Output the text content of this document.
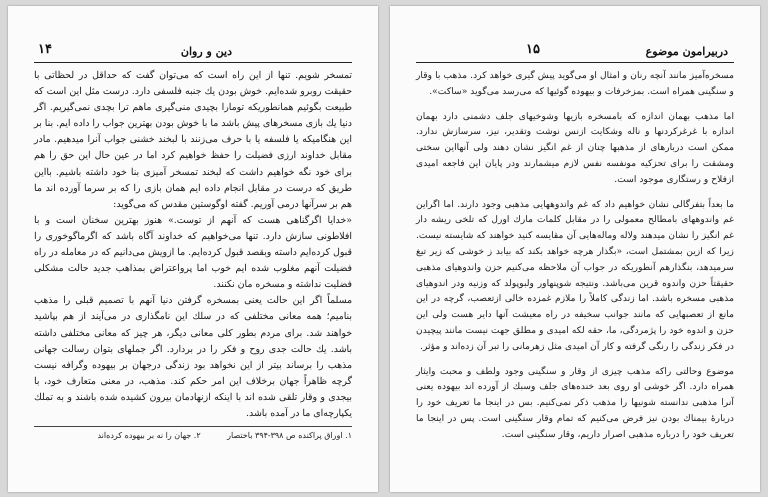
دین و روان
۱۴

تمسخر شویم. تنها از این راه است که می‌توان گفت که حداقل در لحظاتی با حقیقت روبرو شده‌ایم. خوش بودن یك جنبه فلسفی دارد. درست مثل این است که طبیعت بگوئیم همانطوریکه تومارا بچیدی منی‌گیری ماهم ترا بچدی نمی‌گیریم. اگر دنیا یك بازی مسخرهای پیش باشد ما با خوش بودن بهترین جواب را داده ایم. بنا بر این هنگامیکه یا فلسفه یا با حرف می‌زنند با لبخند خشنی جواب آنرا میدهیم. مادر مقابل خداوند ارزی فضیلت را حفظ خواهیم کرد اما در عین حال این حق را هم برای خود نگه خواهیم داشت که لبخند تمسخر آمیزی بنا خود داشته باشیم. بااین طریق که درست در مقابل انجام داده ایم همان بازی را که بر سرما آورده اند ما هم بر سرآنها درمی آوریم. گفته اوگوستین مقدس که می‌گوید:

«خدایا اگرگناهی هست که آنهم از توست.» هنوز بهترین سخنان است و با افلاطونی سازش دارد. تنها می‌خواهیم که خداوند آگاه باشد که اگرماگوخوری را قبول کرده‌ایم داسته وبقصد قبول کرده‌ایم. ما ازویش می‌دانیم که در معامله در راه فضیلت آنهم مغلوب شده ایم خوب اما پرواعتراض بمذاهب جدید حالت مشکلی فضلیت نداشته و مسخره مان نکنند.

مسلماً اگر این حالت یعنی بمسخره گرفتن دنیا آنهم با تصمیم قبلی را مذهب بنامیم؛ همه معانی مختلفی که در سلك این نامگذاری در می‌آیند از هم بپاشید خواهند شد. برای مردم بطور کلی معانی دیگر، هر چیز که معانی مختلفی داشته باشد. یك حالت جدی روح و فکر را در بردارد. اگر جملهای بتوان رسالت جهانی مذهب را برساند بیتر از این نخواهد بود زندگی درجهان بر بیهوده وگرافه نیست گرچه ظاهراً جهان برخلاف این امر حکم کند. مذهب، در معنی متعارف خود، با بیجدی و وقار تلقی شده اند با اینکه ازنهادمان بیرون کشیده شده باشند و به تملك یکپارچه‌ای ما در آمده باشد.

۱. اوراق پراکنده ص ۳۹۸-۳۹۴ باختصار ۲. جهان را نه بر بیهوده کرده‌اند
دربیرامون موضوع
۱۵

مسخره‌آمیز مانند آنچه رنان و امثال او می‌گوید پیش گیری خواهد کرد. مذهب با وقار و سنگینی همراه است. بمزخرفات و بیهوده گوئیها که می‌رسد می‌گوید «ساکت».

اما مذهب بهمان اندازه که بامسخره بازیها وشوخیهای جلف دشمنی دارد بهمان اندازه با غرغرکردنها و ناله وشکایت ازنس نوشت وتقدیر، نیز، سرسازش ندارد. ممکن است دربارهای از مذهبها چنان از غم انگیز نشان دهند ولی آنهااین سختی ومشقت را برای تحزکیه مونفسه نفس لازم میشمارند ودر پایان این فاجعه امیدی ازفلاح و رستگاری موجود است.

ما بعداً بتفرگالی نشان خواهیم داد که غم واندوههایی مذهبی وجود دارند. اما اگراین غم واندوههای بامطالح معمولی را در مقابل کلمات مارك اورل که تلخی ریشه دار غم انگیز را نشان میدهند ولاله وماله‌هایی آن مقایسه کنید خواهند که شایسته نیست. زیرا که ازین بمشتمل است، «بگذار هرچه خواهد بکند که بیابد ز خوشی که زیر تیغ سرمیدهد، بنگذارهم آنطوریکه در جواب آن ملاحظه می‌کنیم حزن واندوهیای مذهبی حقیقتاً حزن واندوه قرین می‌باشد. ونتیجه شوپنهاور ولبوپولد که وزنیه ودر اندوهیای مذهبی مسخره باشد. اما زندگی کاملاً را ملازم غمزده خالی ازتعصب، گرچه در این مانع از تعصبهایی که مانند جوانب سخیفه در راه معیشت آنها دایر هست ولی این حزن و اندوه خود را پژمردگی، ما، حقه لکه امیدی و مطلق جهت نیست مانند پیچیدن در فکر زندگی را رنگی گرفته و کار آن امیدی مثل زهرمانی را تبر آن زده‌اند و مؤثر.

موضوع وحالتی راکه مذهب چیزی از وقار و سنگینی وجود ولطف و محبت وایثار همراه دارد. اگر خوشی او روی بعد خنده‌های جلف وسبك از آورده اند بیهوده یعنی آنرا مذهبی ندانسته شونیها را مذهب ذکر نمی‌کنیم. بس در اینجا ما تعریف خود را دربارهٔ بیمناك بودن نیز فرض می‌کنیم که تمام وقار سنگینی است. پس در اینجا ما تعریف خود را درباره مذهبی اصرار داریم، وقار سنگینی است.
